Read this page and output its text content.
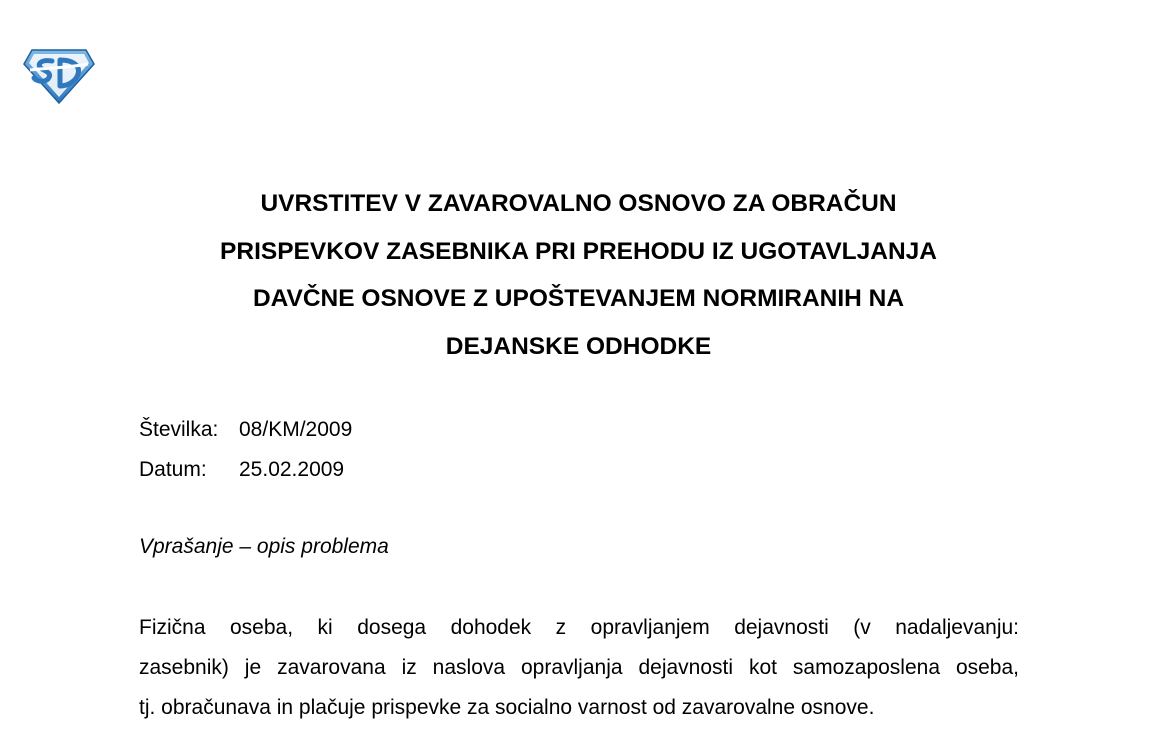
UVRSTITEV V ZAVAROVALNO OSNOVO ZA OBRAČUN
PRISPEVKOV ZASEBNIKA PRI PREHODU IZ UGOTAVLJANJA
DAVČNE OSNOVE Z UPOŠTEVANJEM NORMIRANIH NA
DEJANSKE ODHODKE
Številka: 08/KM/2009
Datum:	25.02.2009
Vprašanje – opis problema
Fizična oseba, ki dosega dohodek z opravljanjem dejavnosti (v nadaljevanju:
zasebnik) je zavarovana iz naslova opravljanja dejavnosti kot samozaposlena oseba,
tj. obračunava in plačuje prispevke za socialno varnost od zavarovalne osnove.
